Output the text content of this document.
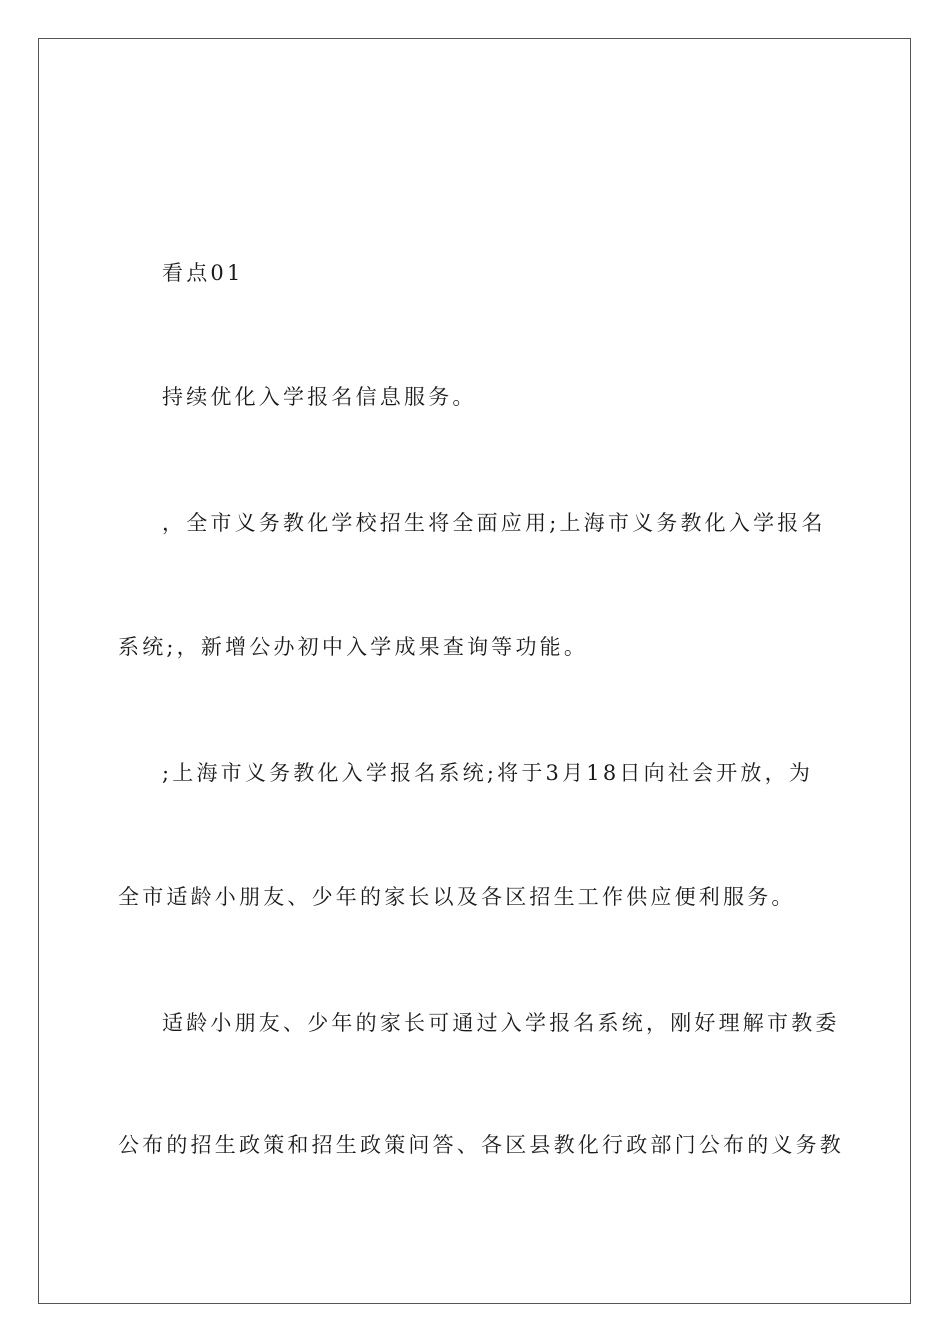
看点01
持续优化入学报名信息服务。
，全市义务教化学校招生将全面应用;上海市义务教化入学报名
系统;，新增公办初中入学成果查询等功能。
;上海市义务教化入学报名系统;将于3月18日向社会开放，为
全市适龄小朋友、少年的家长以及各区招生工作供应便利服务。
适龄小朋友、少年的家长可通过入学报名系统，刚好理解市教委
公布的招生政策和招生政策问答、各区县教化行政部门公布的义务教
